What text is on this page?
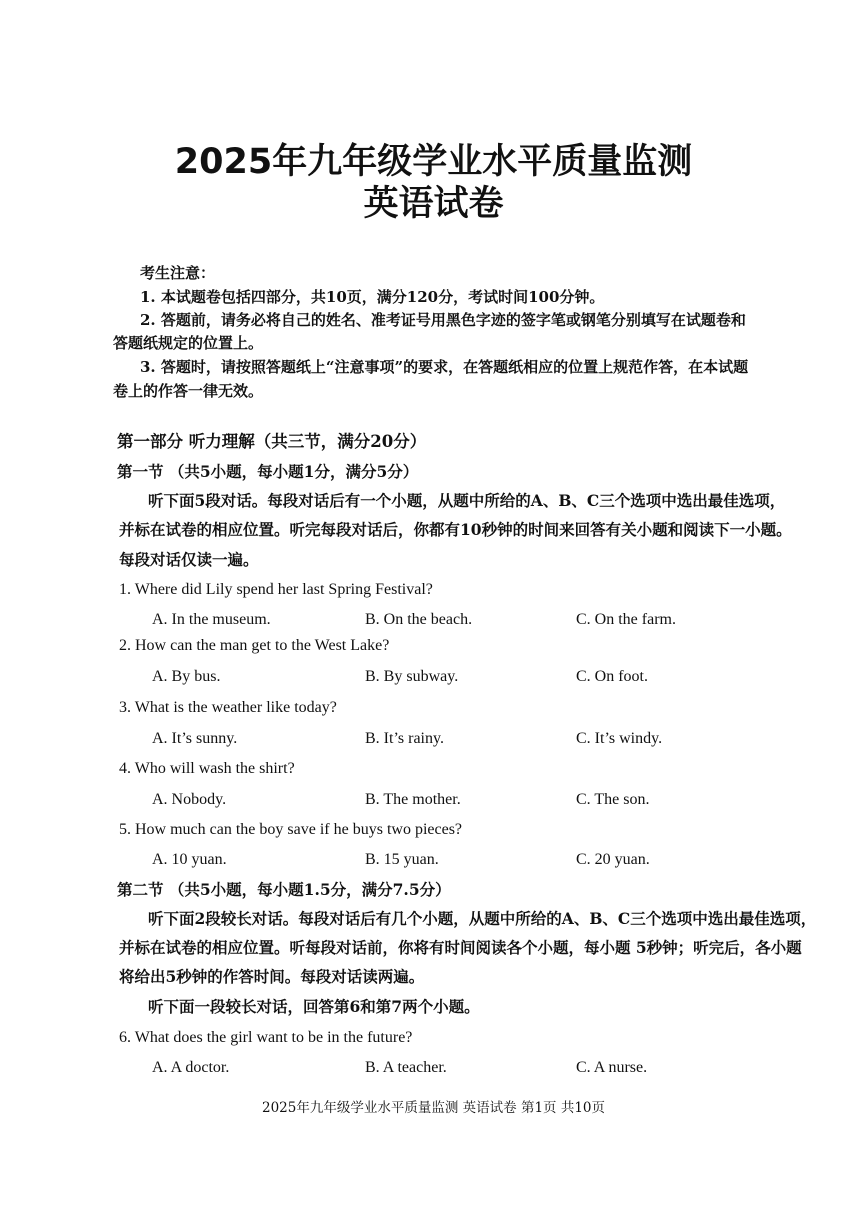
2025年九年级学业水平质量监测
英语试卷
考生注意：
1. 本试题卷包括四部分，共10页，满分120分，考试时间100分钟。
2. 答题前，请务必将自己的姓名、准考证号用黑色字迹的签字笔或钢笔分别填写在试题卷和
答题纸规定的位置上。
3. 答题时，请按照答题纸上“注意事项”的要求，在答题纸相应的位置上规范作答，在本试题
卷上的作答一律无效。
第一部分 听力理解（共三节，满分20分）
第一节 （共5小题，每小题1分，满分5分）
听下面5段对话。每段对话后有一个小题，从题中所给的A、B、C三个选项中选出最佳选项，
并标在试卷的相应位置。听完每段对话后，你都有10秒钟的时间来回答有关小题和阅读下一小题。
每段对话仅读一遍。
1. Where did Lily spend her last Spring Festival?
A. In the museum.	B. On the beach.	C. On the farm.
2. How can the man get to the West Lake?
A. By bus.	B. By subway.	C. On foot.
3. What is the weather like today?
A. It’s sunny.	B. It’s rainy.	C. It’s windy.
4. Who will wash the shirt?
A. Nobody.	B. The mother.	C. The son.
5. How much can the boy save if he buys two pieces?
A. 10 yuan.	B. 15 yuan.	C. 20 yuan.
第二节 （共5小题，每小题1.5分，满分7.5分）
听下面2段较长对话。每段对话后有几个小题，从题中所给的A、B、C三个选项中选出最佳选项，
并标在试卷的相应位置。听每段对话前，你将有时间阅读各个小题，每小题 5秒钟；听完后，各小题
将给出5秒钟的作答时间。每段对话读两遍。
听下面一段较长对话，回答第6和第7两个小题。
6. What does the girl want to be in the future?
A. A doctor.	B. A teacher.	C. A nurse.
2025年九年级学业水平质量监测 英语试卷 第1页 共10页
